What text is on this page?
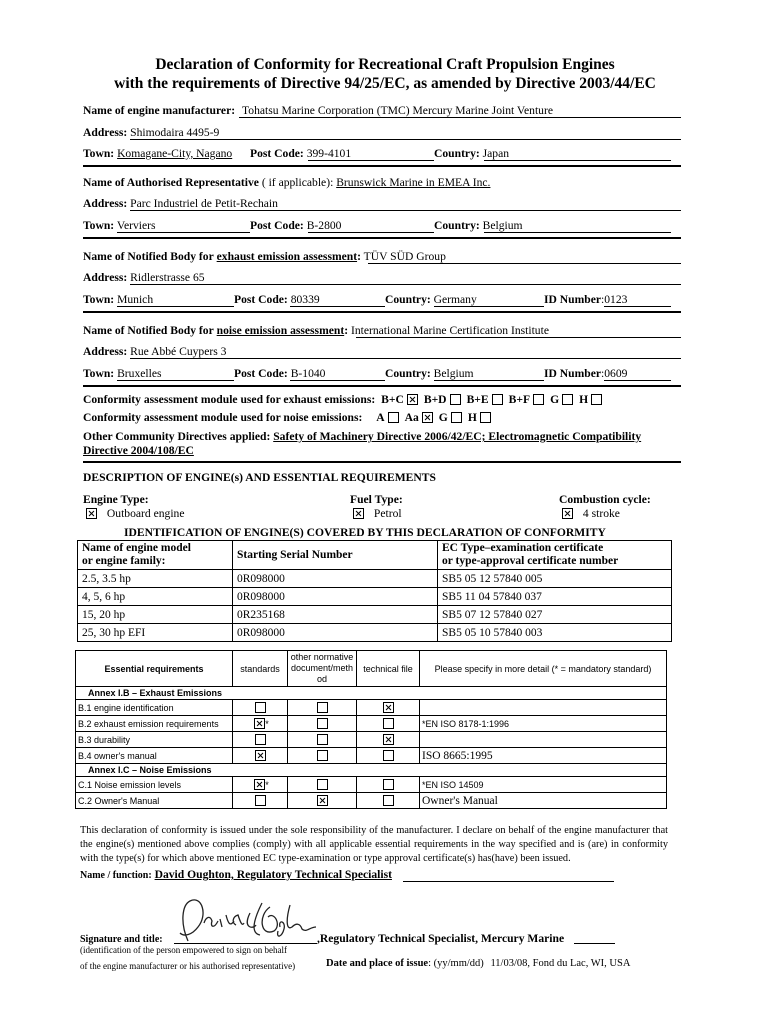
Declaration of Conformity for Recreational Craft Propulsion Engines
with the requirements of Directive 94/25/EC, as amended by Directive 2003/44/EC
Name of engine manufacturer: Tohatsu Marine Corporation (TMC) Mercury Marine Joint Venture
Address: Shimodaira 4495-9
Town: Komagane-City, Nagano Post Code: 399-4101	Country: Japan
Name of Authorised Representative ( if applicable): Brunswick Marine in EMEA Inc.
Address: Parc Industriel de Petit-Rechain
Town: Verviers	Post Code: B-2800	Country: Belgium
Name of Notified Body for exhaust emission assessment: TÜV SÜD Group
Address: Ridlerstrasse 65
Town: Munich	Post Code: 80339	Country: Germany	ID Number:0123
Name of Notified Body for noise emission assessment: International Marine Certification Institute
Address: Rue Abbé Cuypers 3
Town: Bruxelles	Post Code: B-1040	Country: Belgium	ID Number:0609
Conformity assessment module used for exhaust emissions: B+C B+D B+E B+F G H
Conformity assessment module used for noise emissions: A Aa G H
Other Community Directives applied: Safety of Machinery Directive 2006/42/EC; Electromagnetic Compatibility
Directive 2004/108/EC
DESCRIPTION OF ENGINE(s) AND ESSENTIAL REQUIREMENTS
Engine Type:
Outboard engine
Fuel Type:
Petrol
Combustion cycle:
4 stroke
IDENTIFICATION OF ENGINE(S) COVERED BY THIS DECLARATION OF CONFORMITY
Name of engine model
or engine family:	Starting Serial Number	EC Type–examination certificate
or type-approval certificate number
2.5, 3.5 hp	0R098000	SB5 05 12 57840 005
4, 5, 6 hp	0R098000	SB5 11 04 57840 037
15, 20 hp	0R235168	SB5 07 12 57840 027
25, 30 hp EFI	0R098000	SB5 05 10 57840 003
Essential requirements	standards	other normative document/meth od	technical file	Please specify in more detail (* = mandatory standard)
Annex I.B – Exhaust Emissions				
B.1 engine identification				
B.2 exhaust emission requirements	*			*EN ISO 8178-1:1996
B.3 durability				
B.4 owner's manual				ISO 8665:1995
Annex I.C – Noise Emissions				
C.1 Noise emission levels	*			*EN ISO 14509
C.2 Owner's Manual				Owner's Manual
This declaration of conformity is issued under the sole responsibility of the manufacturer. I declare on behalf of the engine manufacturer that the engine(s) mentioned above complies (comply) with all applicable essential requirements in the way specified and is (are) in conformity with the type(s) for which above mentioned EC type-examination or type approval certificate(s) has(have) been issued.
Name / function: David Oughton, Regulatory Technical Specialist
Signature and title:	,Regulatory Technical Specialist, Mercury Marine
(identification of the person empowered to sign on behalf
of the engine manufacturer or his authorised representative)	Date and place of issue: (yy/mm/dd) 11/03/08, Fond du Lac, WI, USA
